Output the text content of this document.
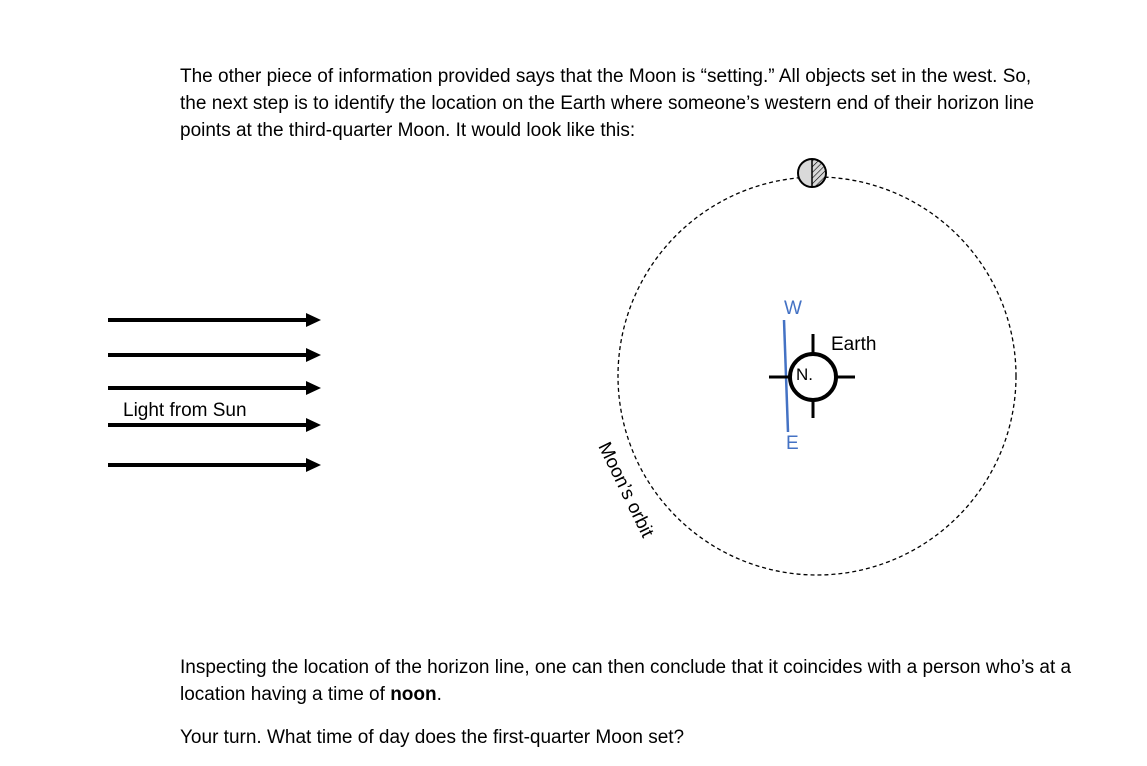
The other piece of information provided says that the Moon is “setting.” All objects set in the west. So, the next step is to identify the location on the Earth where someone’s western end of their horizon line points at the third-quarter Moon. It would look like this:

Light from Sun
Moon’s orbit
W
E
N.
Earth

Inspecting the location of the horizon line, one can then conclude that it coincides with a person who’s at a location having a time of noon.

Your turn. What time of day does the first-quarter Moon set?
